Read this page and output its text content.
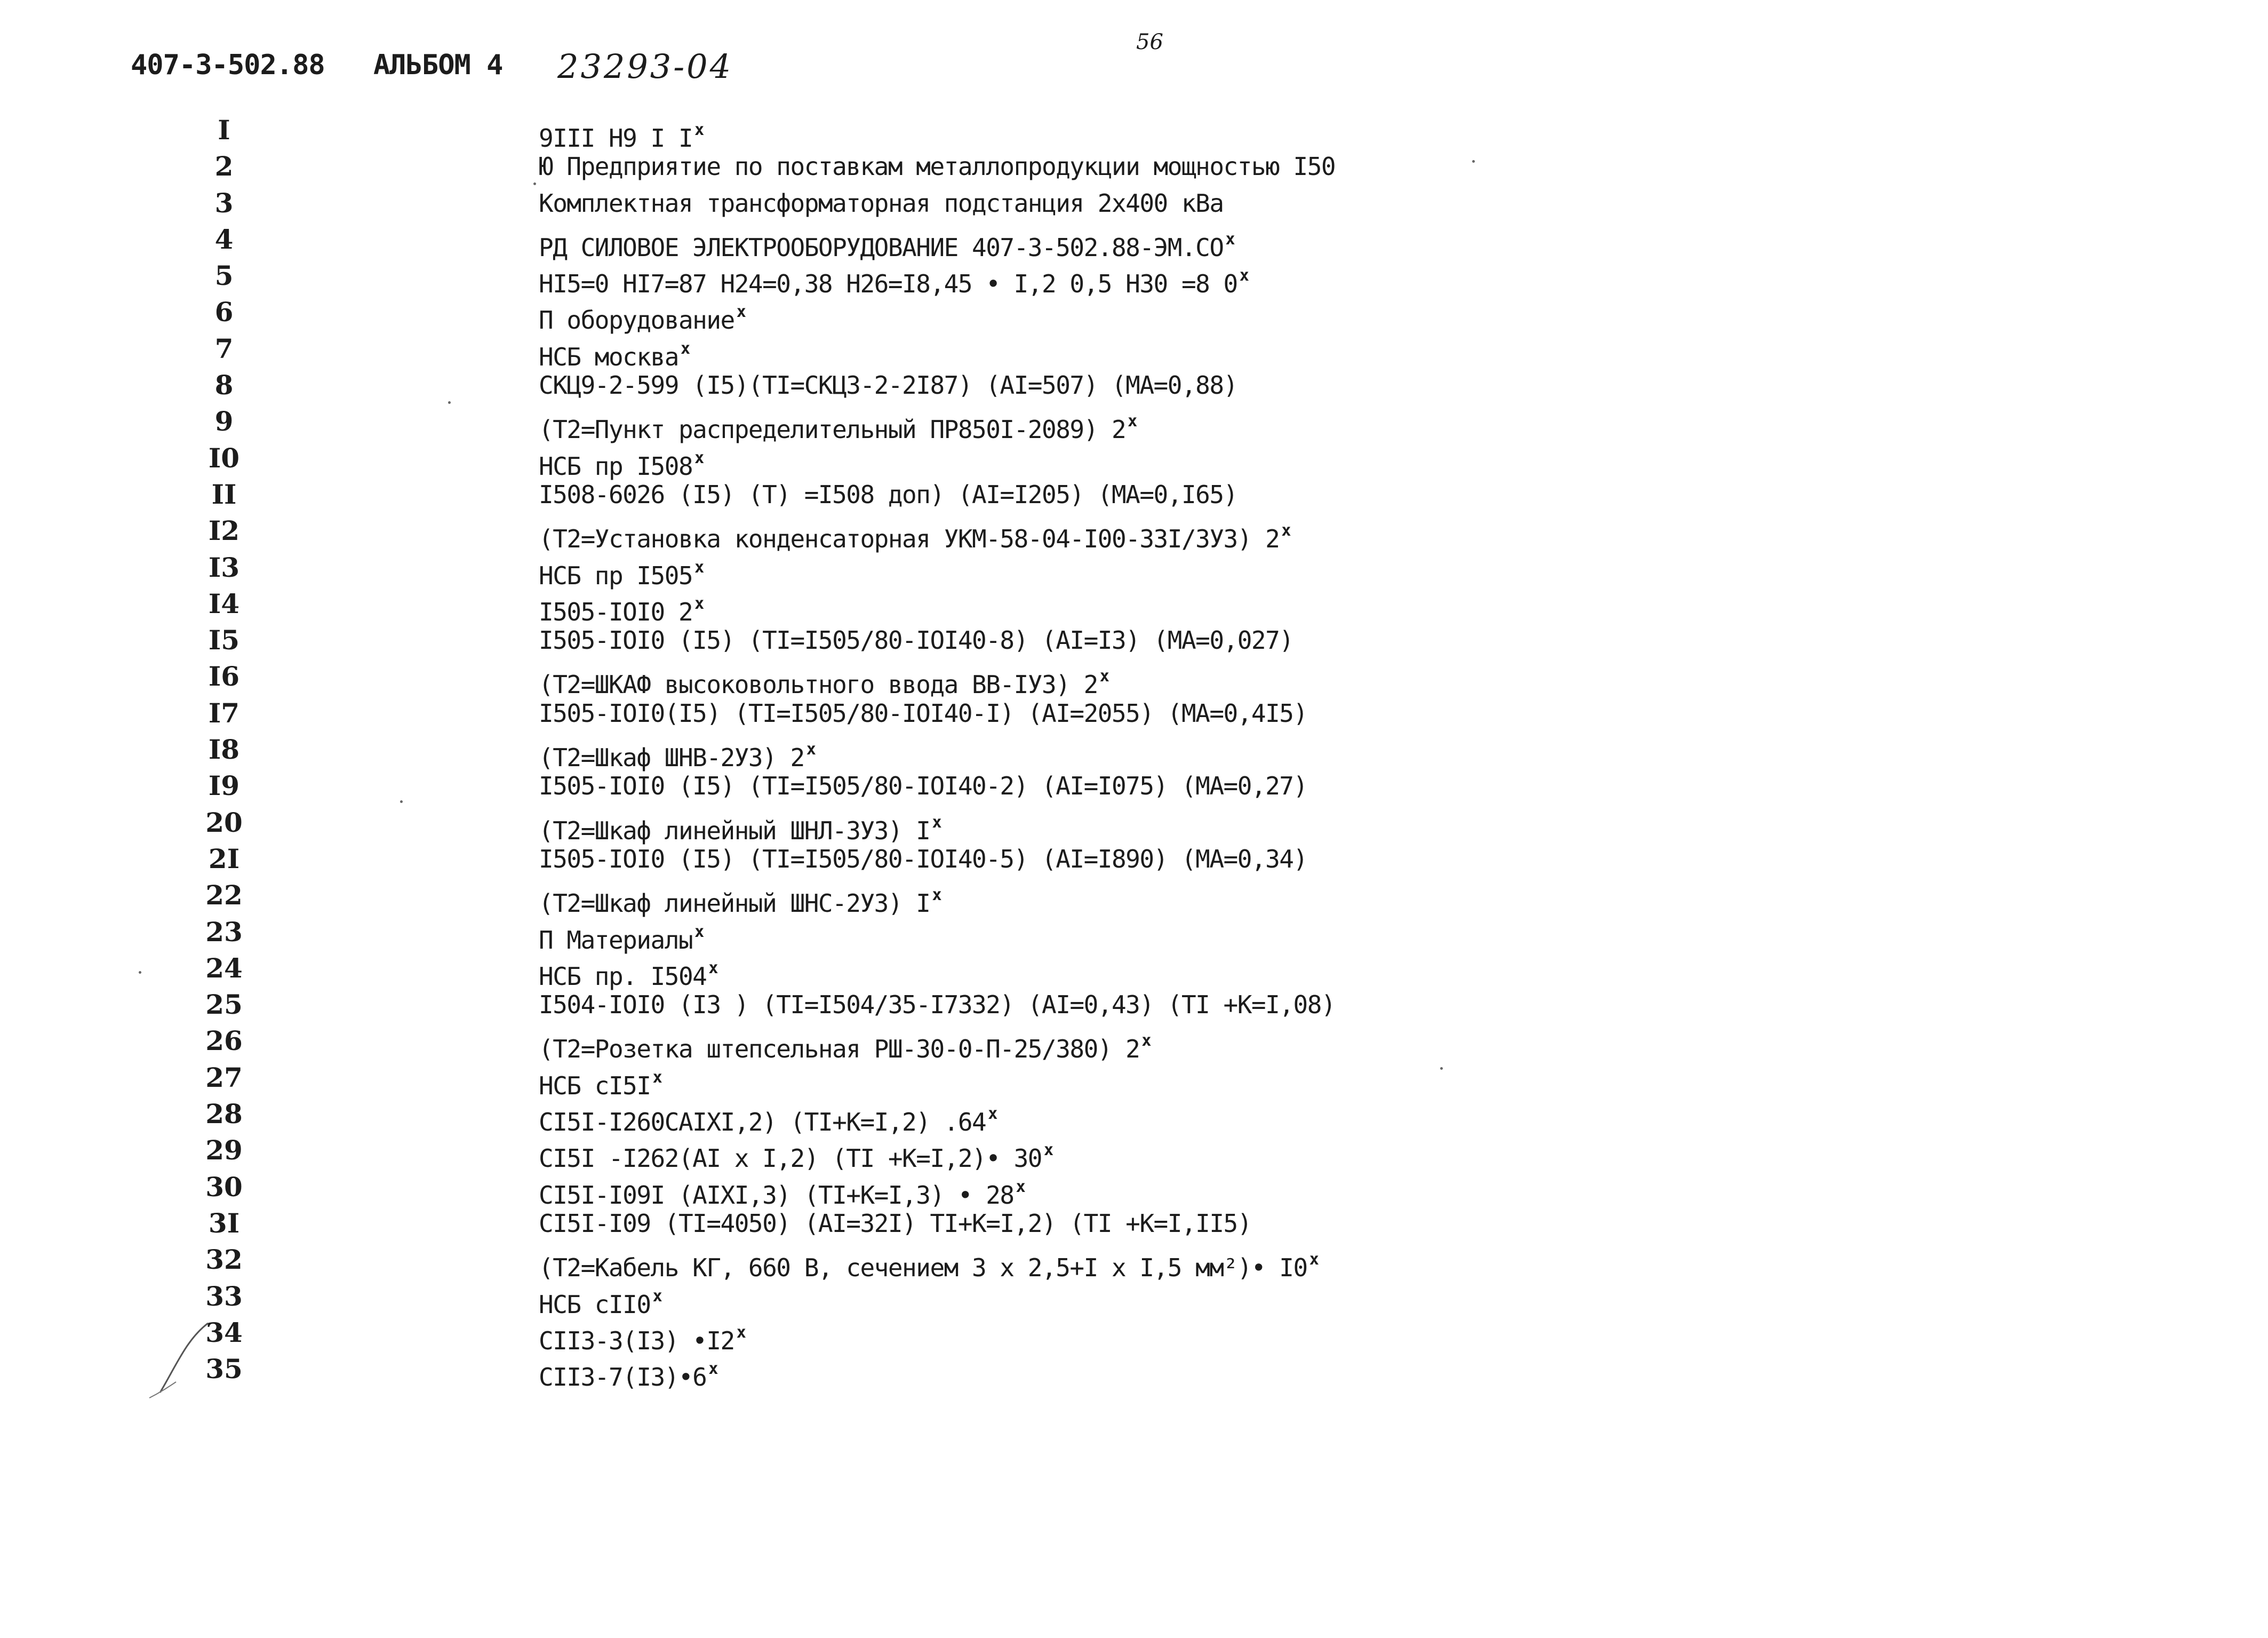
407-3-502.88 АЛЬБОМ 4 23293-04
56
I
2
3
4
5
6
7
8
9
І0
ІІ
І2
І3
І4
І5
І6
І7
І8
І9
20
2І
22
23
24
25
26
27
28
29
30
3І
32
33
34
35
9ІІІ Н9 І І $^x$
Ю Предприятие по поставкам металлопродукции мощностью І50
Комплектная трансформаторная подстанция 2х400 кВа
РД СИЛОВОЕ ЭЛЕКТРООБОРУДОВАНИЕ 407-3-502.88-ЭМ.СО $^x$
НІ5=0 НІ7=87 Н24=0,38 Н26=І8,45 • І,2 0,5 Н30 =8 0 $^x$
П оборудование $^x$
НСБ москва $^x$
СКЦ9-2-599 (І5)(ТІ=СКЦ3-2-2І87) (АІ=507) (МА=0,88)
(Т2=Пункт распределительный ПР850І-2089) 2 $^x$
НСБ пр І508 $^x$
І508-6026 (І5) (Т) =І508 доп) (АІ=І205) (МА=0,І65)
(Т2=Установка конденсаторная УКМ-58-04-І00-33І/3У3) 2 $^x$
НСБ пр І505 $^x$
І505-ІОІ0 2 $^x$
І505-ІОІ0 (І5) (ТІ=І505/80-ІОІ40-8) (АІ=ІЗ) (МА=0,027)
(Т2=ШКАФ высоковольтного ввода ВВ-ІУ3) 2 $^x$
І505-ІОІ0(І5) (ТІ=І505/80-ІОІ40-І) (АІ=2055) (МА=0,4І5)
(Т2=Шкаф ШНВ-2У3) 2 $^x$
І505-ІОІ0 (І5) (ТІ=І505/80-ІОІ40-2) (АІ=І075) (МА=0,27)
(Т2=Шкаф линейный ШНЛ-3У3) І $^x$
І505-ІОІ0 (І5) (ТІ=І505/80-ІОІ40-5) (АІ=І890) (МА=0,34)
(Т2=Шкаф линейный ШНС-2У3) І $^x$
П Материалы $^x$
НСБ пр. І504 $^x$
І504-ІОІ0 (ІЗ ) (ТІ=І504/35-І7332) (АІ=0,43) (ТІ +К=І,08)
(Т2=Розетка штепсельная РШ-30-0-П-25/380) 2 $^x$
НСБ сІ5І $^x$
СІ5І-І260САІХІ,2) (ТІ+К=І,2) .64 $^x$
СІ5І -І262(АІ х І,2) (ТІ +К=І,2)• 30 $^x$
СІ5І-І09І (АІХІ,3) (ТІ+К=І,3) • 28 $^x$
СІ5І-І09 (ТІ=4050) (АІ=32І) ТІ+К=І,2) (ТІ +К=І,ІІ5)
(Т2=Кабель КГ, 660 В, сечением 3 х 2,5+І х І,5 мм²)• І0 $^x$
НСБ сІІ0 $^x$
СІІ3-3(І3) •І2 $^x$
СІІ3-7(І3)•6 $^x$
